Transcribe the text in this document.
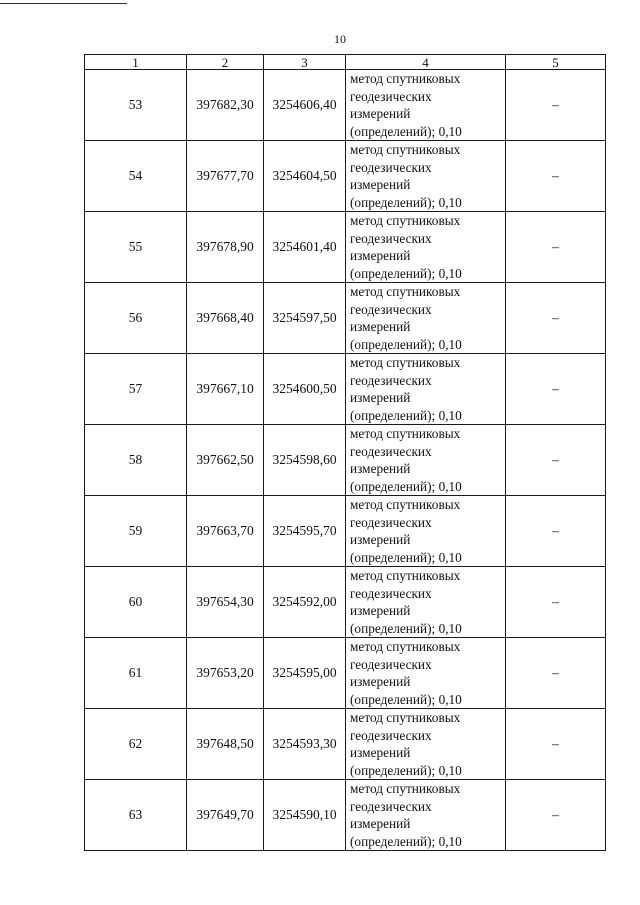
10
1	2	3	4	5
53	397682,30	3254606,40	метод спутниковых
геодезических
измерений
(определений); 0,10	–
54	397677,70	3254604,50	метод спутниковых
геодезических
измерений
(определений); 0,10	–
55	397678,90	3254601,40	метод спутниковых
геодезических
измерений
(определений); 0,10	–
56	397668,40	3254597,50	метод спутниковых
геодезических
измерений
(определений); 0,10	–
57	397667,10	3254600,50	метод спутниковых
геодезических
измерений
(определений); 0,10	–
58	397662,50	3254598,60	метод спутниковых
геодезических
измерений
(определений); 0,10	–
59	397663,70	3254595,70	метод спутниковых
геодезических
измерений
(определений); 0,10	–
60	397654,30	3254592,00	метод спутниковых
геодезических
измерений
(определений); 0,10	–
61	397653,20	3254595,00	метод спутниковых
геодезических
измерений
(определений); 0,10	–
62	397648,50	3254593,30	метод спутниковых
геодезических
измерений
(определений); 0,10	–
63	397649,70	3254590,10	метод спутниковых
геодезических
измерений
(определений); 0,10	–
